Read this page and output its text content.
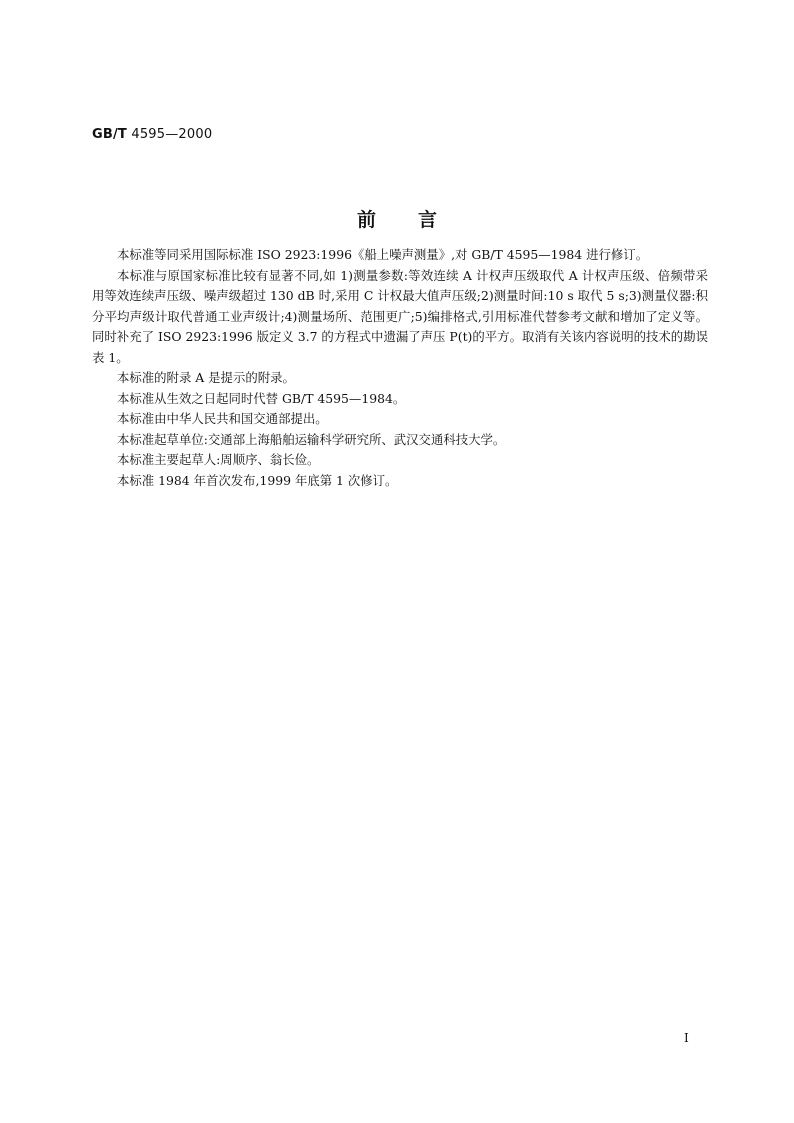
GB/T 4595—2000
前言

本标准等同采用国际标准 ISO 2923:1996《船上噪声测量》,对 GB/T 4595—1984 进行修订。

本标准与原国家标准比较有显著不同,如 1)测量参数:等效连续 A 计权声压级取代 A 计权声压级、倍频带采用等效连续声压级、噪声级超过 130 dB 时,采用 C 计权最大值声压级;2)测量时间:10 s 取代 5 s;3)测量仪器:积分平均声级计取代普通工业声级计;4)测量场所、范围更广;5)编排格式,引用标准代替参考文献和增加了定义等。同时补充了 ISO 2923:1996 版定义 3.7 的方程式中遗漏了声压 P(t)的平方。取消有关该内容说明的技术的勘误表 1。

本标准的附录 A 是提示的附录。

本标准从生效之日起同时代替 GB/T 4595—1984。

本标准由中华人民共和国交通部提出。

本标准起草单位:交通部上海船舶运输科学研究所、武汉交通科技大学。

本标准主要起草人:周顺序、翁长俭。

本标准 1984 年首次发布,1999 年底第 1 次修订。

I
